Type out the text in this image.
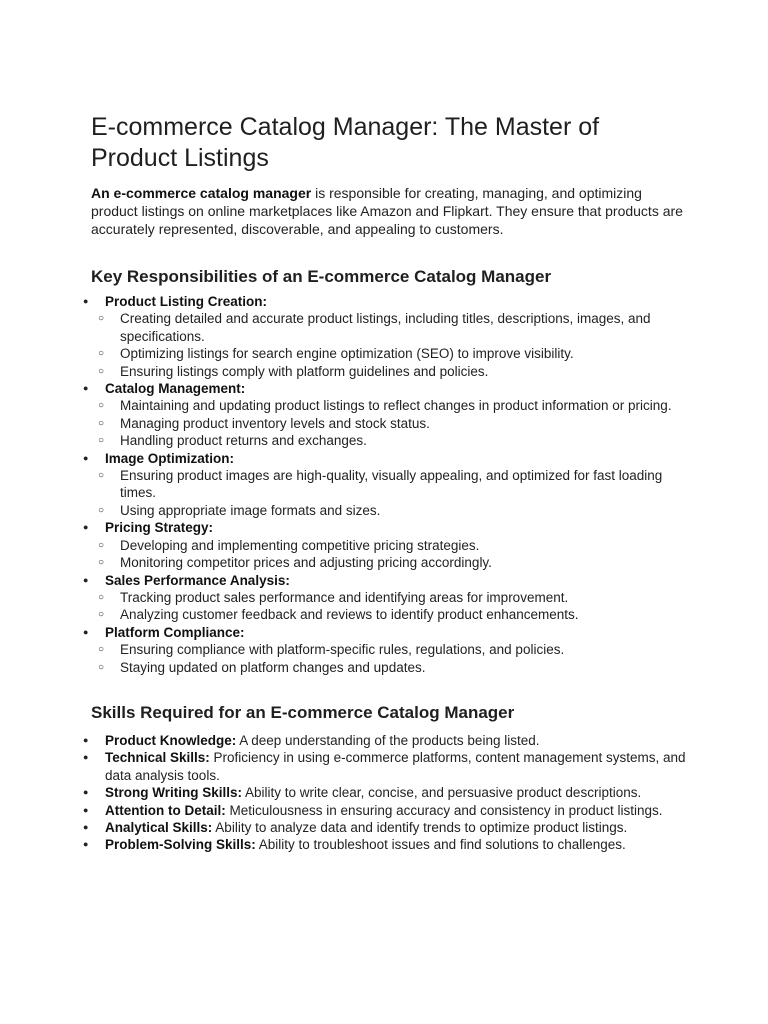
E-commerce Catalog Manager: The Master of Product Listings

An e-commerce catalog manager is responsible for creating, managing, and optimizing product listings on online marketplaces like Amazon and Flipkart. They ensure that products are accurately represented, discoverable, and appealing to customers.

Key Responsibilities of an E-commerce Catalog Manager
● Product Listing Creation:
○ Creating detailed and accurate product listings, including titles, descriptions, images, and specifications.
○ Optimizing listings for search engine optimization (SEO) to improve visibility.
○ Ensuring listings comply with platform guidelines and policies.
● Catalog Management:
○ Maintaining and updating product listings to reflect changes in product information or pricing.
○ Managing product inventory levels and stock status.
○ Handling product returns and exchanges.
● Image Optimization:
○ Ensuring product images are high-quality, visually appealing, and optimized for fast loading times.
○ Using appropriate image formats and sizes.
● Pricing Strategy:
○ Developing and implementing competitive pricing strategies.
○ Monitoring competitor prices and adjusting pricing accordingly.
● Sales Performance Analysis:
○ Tracking product sales performance and identifying areas for improvement.
○ Analyzing customer feedback and reviews to identify product enhancements.
● Platform Compliance:
○ Ensuring compliance with platform-specific rules, regulations, and policies.
○ Staying updated on platform changes and updates.
Skills Required for an E-commerce Catalog Manager
● Product Knowledge: A deep understanding of the products being listed.
● Technical Skills: Proficiency in using e-commerce platforms, content management systems, and data analysis tools.
● Strong Writing Skills: Ability to write clear, concise, and persuasive product descriptions.
● Attention to Detail: Meticulousness in ensuring accuracy and consistency in product listings.
● Analytical Skills: Ability to analyze data and identify trends to optimize product listings.
● Problem-Solving Skills: Ability to troubleshoot issues and find solutions to challenges.
